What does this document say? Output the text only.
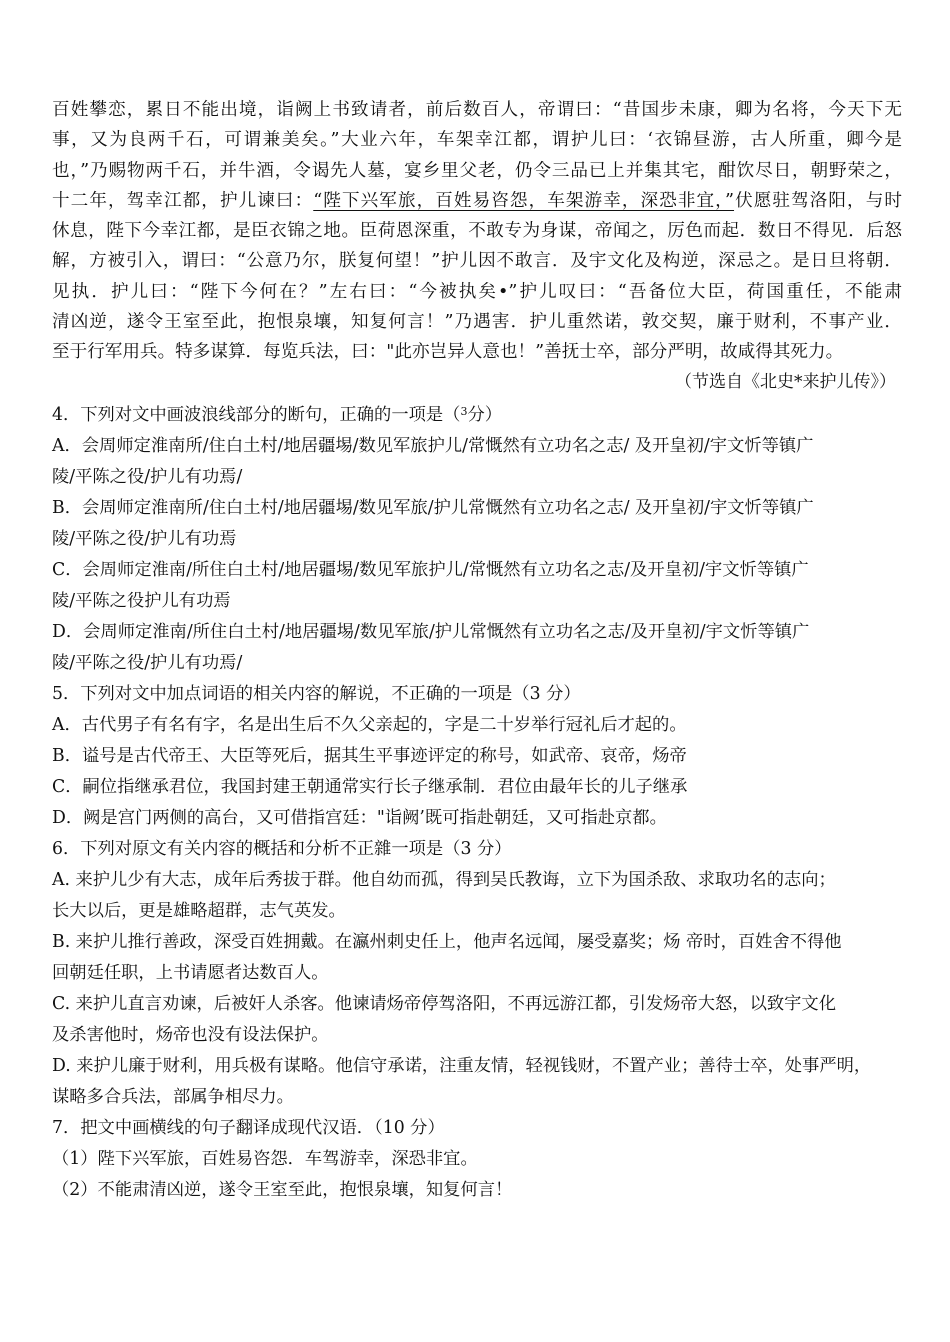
百姓攀恋，累日不能出境，诣阙上书致请者，前后数百人，帝谓曰：“昔国步未康，卿为名将，今天下无

事，又为良两千石，可谓兼美矣。”大业六年，车架幸江都，谓护儿曰：‘衣锦昼游，古人所重，卿今是

也，”乃赐物两千石，并牛酒，令谒先人墓，宴乡里父老，仍令三品已上并集其宅，酣饮尽日，朝野荣之，

十二年，驾幸江都，护儿谏曰：“陛下兴军旅，百姓易咨怨，车架游幸，深恐非宜，”伏愿驻驾洛阳，与时

休息，陛下今幸江都，是臣衣锦之地。臣荷恩深重，不敢专为身谋，帝闻之，厉色而起．数日不得见．后怒

解，方被引入，谓曰：“公意乃尔，朕复何望！”护儿因不敢言．及宇文化及构逆，深忌之。是日旦将朝．

见执．护儿曰：“陛下今何在？”左右曰：“今被执矣•”护儿叹曰：“吾备位大臣，荷国重任，不能肃

清凶逆，遂令王室至此，抱恨泉壤，知复何言！”乃遇害．护儿重然诺，敦交契，廉于财利，不事产业．

至于行军用兵。特多谋算．每览兵法，曰："此亦岂异人意也！”善抚士卒，部分严明，故咸得其死力。

（节选自《北史*来护儿传》）

4．下列对文中画波浪线部分的断句，正确的一项是（$^3$分）

A．会周师定淮南所/住白土村/地居疆埸/数见军旅护儿/常慨然有立功名之志/ 及开皇初/宇文忻等镇广

陵/平陈之役/护儿有功焉/

B．会周师定淮南所/住白土村/地居疆埸/数见军旅/护儿常慨然有立功名之志/ 及开皇初/宇文忻等镇广

陵/平陈之役/护儿有功焉

C．会周师定淮南/所住白土村/地居疆埸/数见军旅护儿/常慨然有立功名之志/及开皇初/宇文忻等镇广

陵/平陈之役护儿有功焉

D．会周师定淮南/所住白土村/地居疆埸/数见军旅/护儿常慨然有立功名之志/及开皇初/宇文忻等镇广

陵/平陈之役/护儿有功焉/

5．下列对文中加点词语的相关内容的解说，不正确的一项是（3 分）

A．古代男子有名有字，名是出生后不久父亲起的，字是二十岁举行冠礼后才起的。

B．谥号是古代帝王、大臣等死后，据其生平事迹评定的称号，如武帝、哀帝，炀帝

C．嗣位指继承君位，我国封建王朝通常实行长子继承制．君位由最年长的儿子继承

D．阙是宫门两侧的高台，又可借指宫廷："诣阙’既可指赴朝廷，又可指赴京都。

6．下列对原文有关内容的概括和分析不正雜一项是（3 分）

A. 来护儿少有大志，成年后秀拔于群。他自幼而孤，得到吴氏教诲，立下为国杀敌、求取功名的志向；

长大以后，更是雄略超群，志气英发。

B. 来护儿推行善政，深受百姓拥戴。在瀛州刺史任上，他声名远闻，屡受嘉奖；炀 帝时，百姓舍不得他

回朝廷任职，上书请愿者达数百人。

C. 来护儿直言劝谏，后被奸人杀客。他谏请炀帝停驾洛阳，不再远游江都，引发炀帝大怒，以致宇文化

及杀害他时，炀帝也没有设法保护。

D. 来护儿廉于财利，用兵极有谋略。他信守承诺，注重友情，轻视钱财，不置产业；善待士卒，处事严明，

谋略多合兵法，部属争相尽力。

7．把文中画横线的句子翻译成现代汉语．（10 分）

（1）陛下兴军旅，百姓易咨怨．车驾游幸，深恐非宜。

（2）不能肃清凶逆，遂令王室至此，抱恨泉壤，知复何言！
